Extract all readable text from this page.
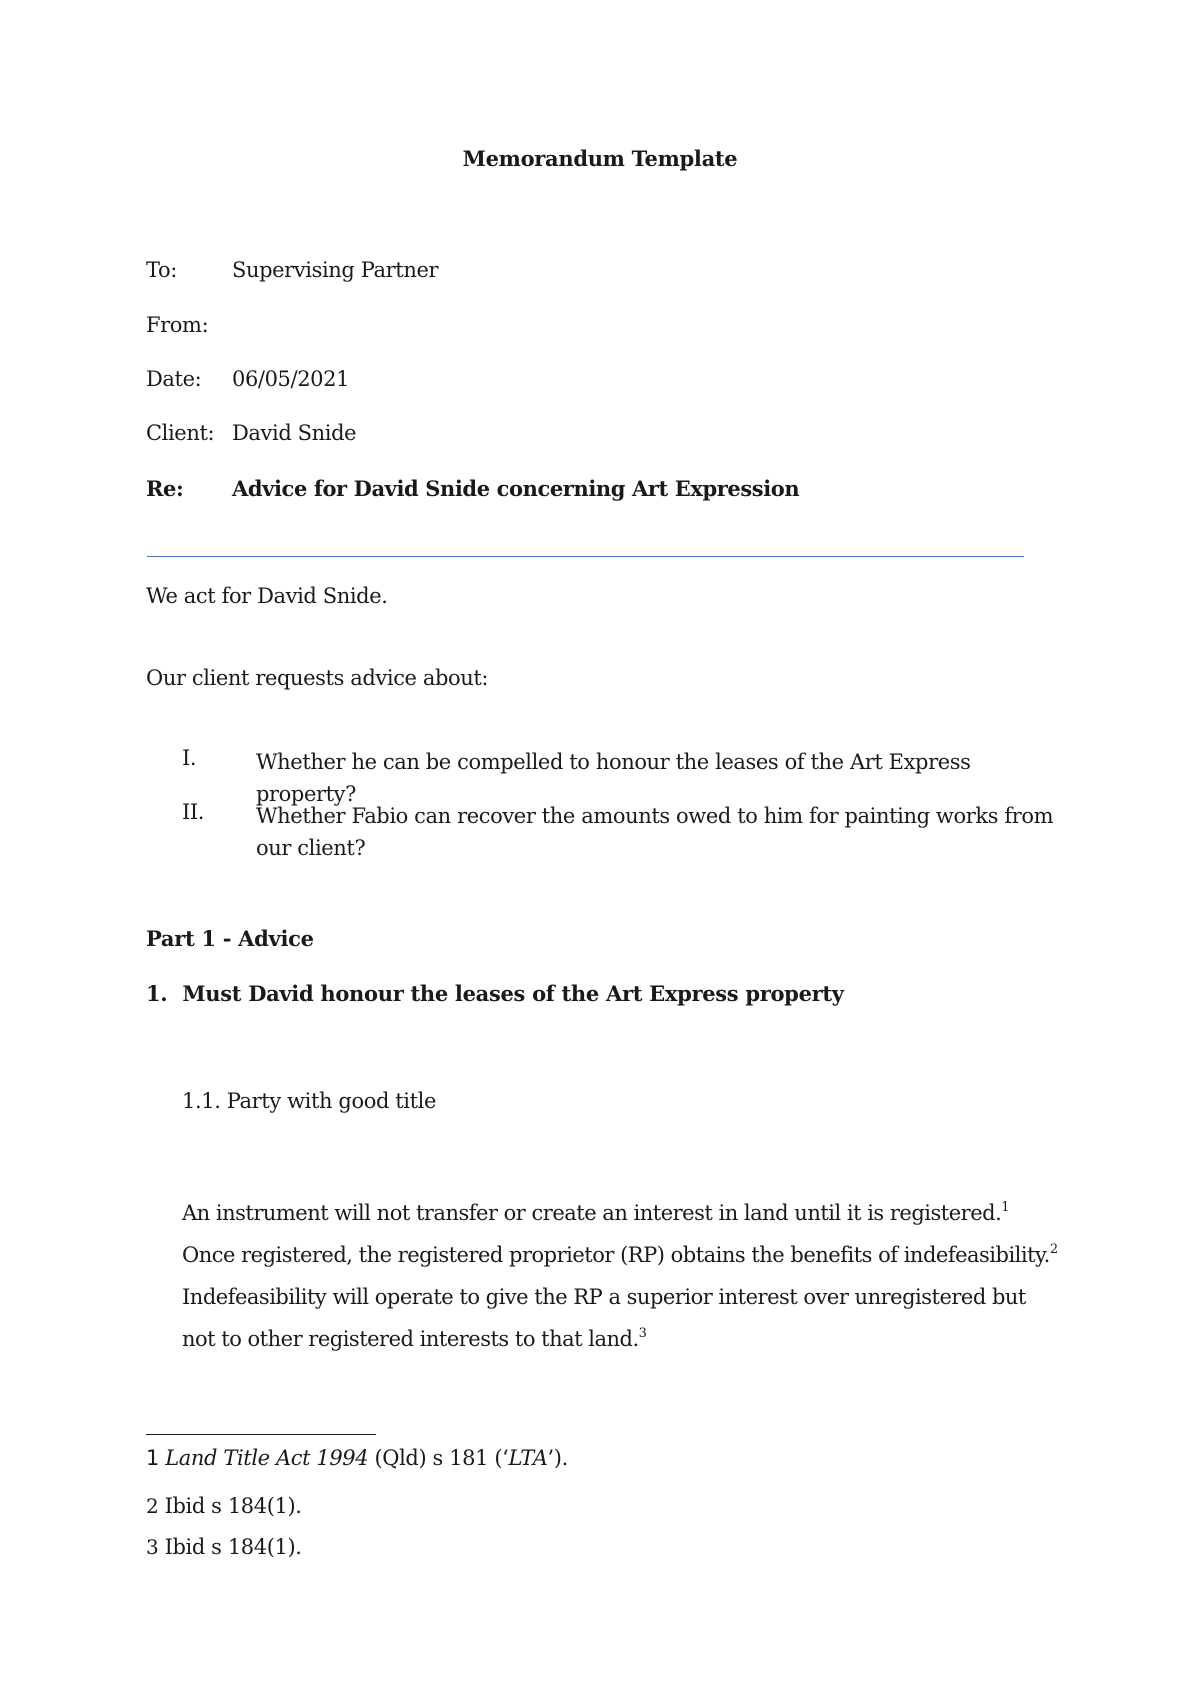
Memorandum Template
To:	Supervising Partner
From:
Date: 06/05/2021
Client: David Snide
Re: Advice for David Snide concerning Art Expression
We act for David Snide.
Our client requests advice about:
I.	Whether he can be compelled to honour the leases of the Art Express property?
II. Whether Fabio can recover the amounts owed to him for painting works from our client?
Part 1 - Advice
1. Must David honour the leases of the Art Express property
1.1. Party with good title
An instrument will not transfer or create an interest in land until it is registered.$^1$ Once registered, the registered proprietor (RP) obtains the benefits of indefeasibility.$^2$ Indefeasibility will operate to give the RP a superior interest over unregistered but not to other registered interests to that land.$^3$
1 Land Title Act 1994 (Qld) s 181 (‘LTA’).
2 Ibid s 184(1).
3 Ibid s 184(1).
